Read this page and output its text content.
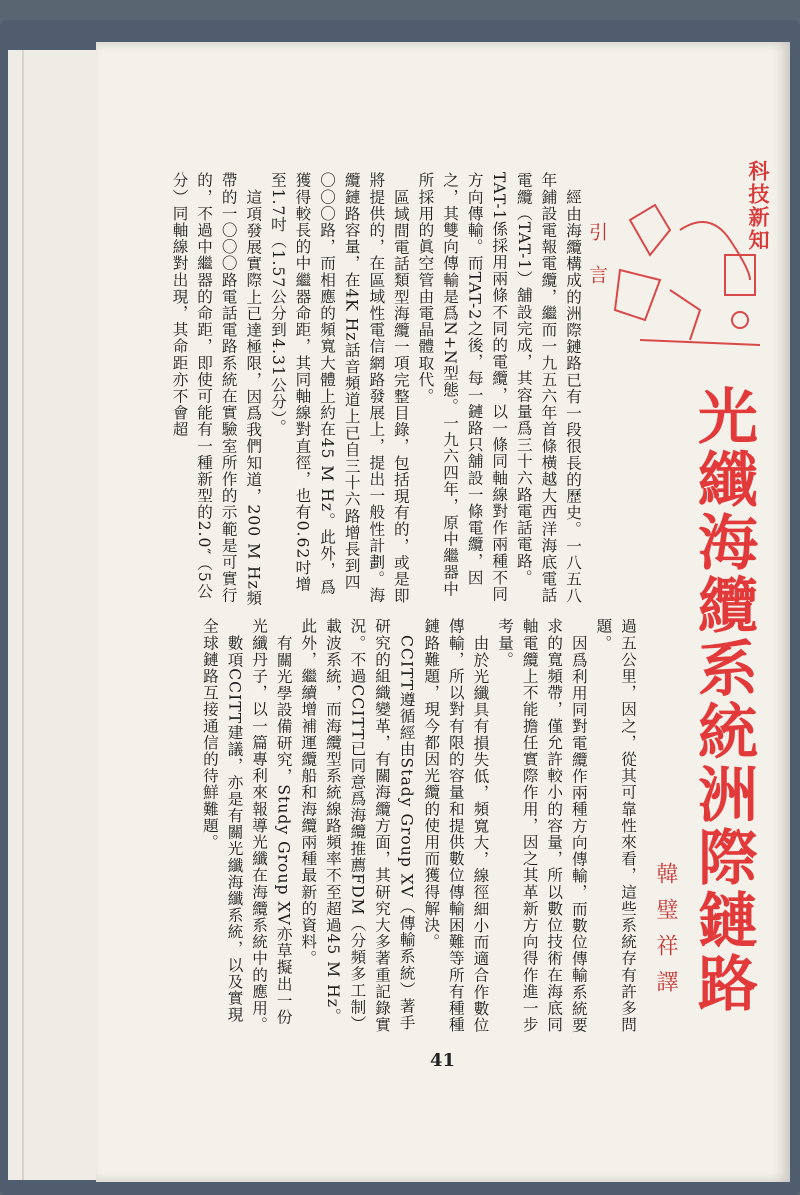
科技新知
光纖海纜系統洲際鏈路
韓璧祥譯
引言

經由海纜構成的洲際鏈路已有一段很長的歷史。一八五八年鋪設電報電纜，繼而一九五六年首條橫越大西洋海底電話電纜（TAT-1）舖設完成，其容量爲三十六路電話電路。TAT-1係採用兩條不同的電纜，以一條同軸線對作兩種不同方向傳輸。而TAT-2之後，每一鏈路只舖設一條電纜，因之，其雙向傳輸是爲N+N型態。一九六四年，原中繼器中所採用的眞空管由電晶體取代。

區域間電話類型海纜一項完整目錄，包括現有的，或是即將提供的，在區域性電信網路發展上，提出一般性計劃。海纜鏈路容量，在4K Hz話音頻道上已自三十六路增長到四〇〇〇路，而相應的頻寬大體上約在45 M Hz。此外，爲獲得較長的中繼器命距，其同軸線對直徑，也有0.62吋增至1.7吋（1.57公分到4.31公分）。

這項發展實際上已達極限，因爲我們知道，200 M Hz頻帶的一〇〇〇路電話電路系統在實驗室所作的示範是可實行的，不過中繼器的命距，即使可能有一種新型的2.0″（5公分）同軸線對出現，其命距亦不會超

過五公里，因之，從其可靠性來看，這些系統存有許多問題。

因爲利用同對電纜作兩種方向傳輸，而數位傳輸系統要求的寬頻帶，僅允許較小的容量，所以數位技術在海底同軸電纜上不能擔任實際作用，因之其革新方向得作進一步考量。

由於光纖具有損失低，頻寬大，線徑細小而適合作數位傳輸，所以對有限的容量和提供數位傳輸困難等所有種種鏈路難題，現今都因光纜的使用而獲得解決。

CCITT遵循經由Stady Group XV（傳輸系統）著手研究的組織變革，有關海纜方面，其研究大多著重記錄實況。不過CCITT已同意爲海纜推薦FDM（分頻多工制）載波系統，而海纜型系統線路頻率不至超過45 M Hz。此外，繼續增補運纜船和海纜兩種最新的資料。

有關光學設備研究，Study Group XV亦草擬出一份光纖丹子，以一篇專利來報導光纖在海纜系統中的應用。

數項CCITT建議，亦是有關光纖海纖系統，以及實現全球鏈路互接通信的待鮮難題。

41
